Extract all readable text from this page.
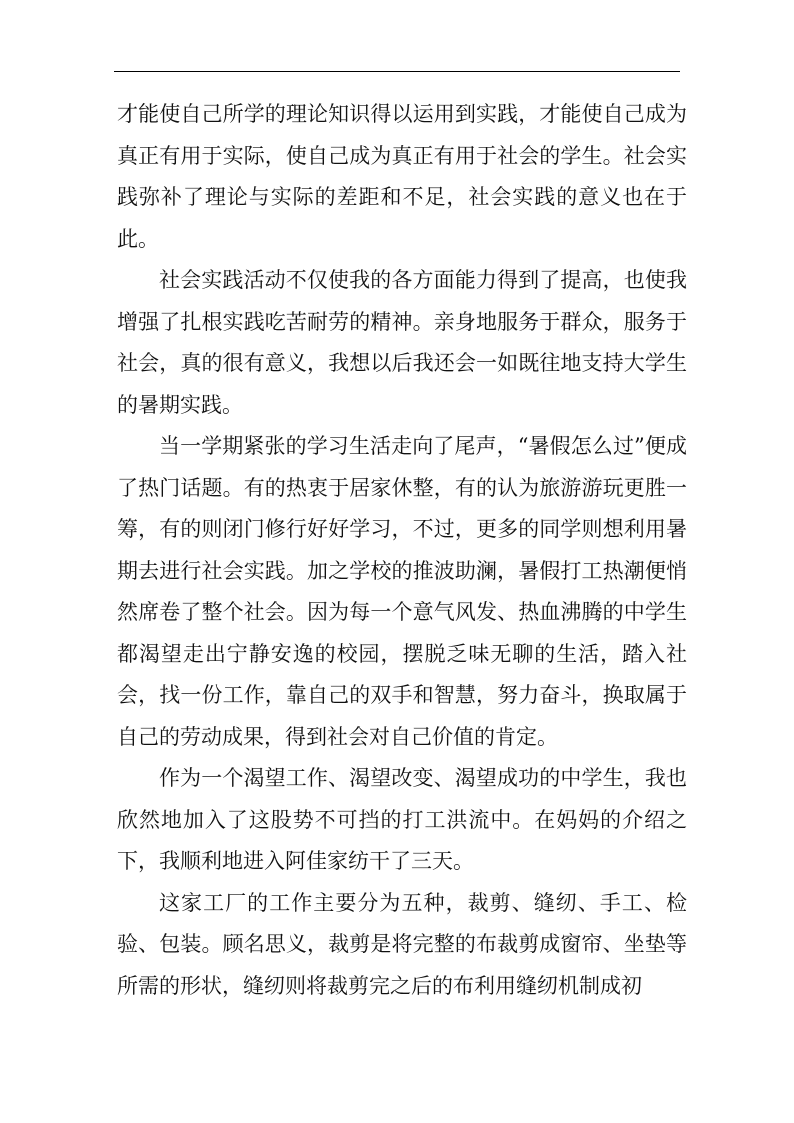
才能使自己所学的理论知识得以运用到实践，才能使自己成为真正有用于实际，使自己成为真正有用于社会的学生。社会实践弥补了理论与实际的差距和不足，社会实践的意义也在于此。

社会实践活动不仅使我的各方面能力得到了提高，也使我增强了扎根实践吃苦耐劳的精神。亲身地服务于群众，服务于社会，真的很有意义，我想以后我还会一如既往地支持大学生的暑期实践。

当一学期紧张的学习生活走向了尾声，“暑假怎么过”便成了热门话题。有的热衷于居家休整，有的认为旅游游玩更胜一筹，有的则闭门修行好好学习，不过，更多的同学则想利用暑期去进行社会实践。加之学校的推波助澜，暑假打工热潮便悄然席卷了整个社会。因为每一个意气风发、热血沸腾的中学生都渴望走出宁静安逸的校园，摆脱乏味无聊的生活，踏入社会，找一份工作，靠自己的双手和智慧，努力奋斗，换取属于自己的劳动成果，得到社会对自己价值的肯定。

作为一个渴望工作、渴望改变、渴望成功的中学生，我也欣然地加入了这股势不可挡的打工洪流中。在妈妈的介绍之下，我顺利地进入阿佳家纺干了三天。

这家工厂的工作主要分为五种，裁剪、缝纫、手工、检验、包装。顾名思义，裁剪是将完整的布裁剪成窗帘、坐垫等所需的形状，缝纫则将裁剪完之后的布利用缝纫机制成初
